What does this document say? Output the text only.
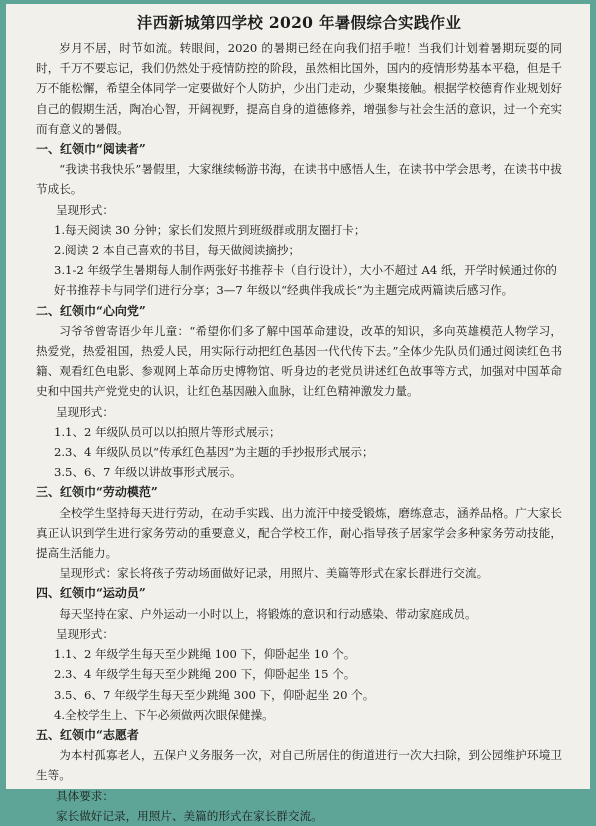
沣西新城第四学校 2020 年暑假综合实践作业

岁月不居，时节如流。转眼间，2020 的暑期已经在向我们招手啦！当我们计划着暑期玩耍的同时，千万不要忘记，我们仍然处于疫情防控的阶段，虽然相比国外，国内的疫情形势基本平稳，但是千万不能松懈，希望全体同学一定要做好个人防护，少出门走动，少聚集接触。根据学校德育作业规划好自己的假期生活，陶冶心智，开阔视野，提高自身的道德修养，增强参与社会生活的意识，过一个充实而有意义的暑假。

一、红领巾“阅读者”

“我读书我快乐”暑假里，大家继续畅游书海，在读书中感悟人生，在读书中学会思考，在读书中拔节成长。

呈现形式：

1.每天阅读 30 分钟；家长们发照片到班级群或朋友圈打卡；

2.阅读 2 本自己喜欢的书目，每天做阅读摘抄；

3.1-2 年级学生暑期每人制作两张好书推荐卡（自行设计），大小不超过 A4 纸，开学时候通过你的好书推荐卡与同学们进行分享；3—7 年级以“经典伴我成长”为主题完成两篇读后感习作。

二、红领巾“心向党”

习爷爷曾寄语少年儿童：“希望你们多了解中国革命建设，改革的知识，多向英雄模范人物学习，热爱党，热爱祖国，热爱人民，用实际行动把红色基因一代代传下去。”全体少先队员们通过阅读红色书籍、观看红色电影、参观网上革命历史博物馆、听身边的老党员讲述红色故事等方式，加强对中国革命史和中国共产党党史的认识，让红色基因融入血脉，让红色精神激发力量。

呈现形式：

1.1、2 年级队员可以以拍照片等形式展示；

2.3、4 年级队员以“传承红色基因”为主题的手抄报形式展示；

3.5、6、7 年级以讲故事形式展示。

三、红领巾“劳动模范”

全校学生坚持每天进行劳动，在动手实践、出力流汗中接受锻炼，磨练意志，涵养品格。广大家长真正认识到学生进行家务劳动的重要意义，配合学校工作，耐心指导孩子居家学会多种家务劳动技能，提高生活能力。

呈现形式：家长将孩子劳动场面做好记录，用照片、美篇等形式在家长群进行交流。

四、红领巾“运动员”

每天坚持在家、户外运动一小时以上，将锻炼的意识和行动感染、带动家庭成员。

呈现形式：

1.1、2 年级学生每天至少跳绳 100 下，仰卧起坐 10 个。

2.3、4 年级学生每天至少跳绳 200 下，仰卧起坐 15 个。

3.5、6、7 年级学生每天至少跳绳 300 下，仰卧起坐 20 个。

4.全校学生上、下午必须做两次眼保健操。

五、红领巾“志愿者

为本村孤寡老人，五保户义务服务一次，对自己所居住的街道进行一次大扫除，到公园维护环境卫生等。

具体要求：

家长做好记录，用照片、美篇的形式在家长群交流。
